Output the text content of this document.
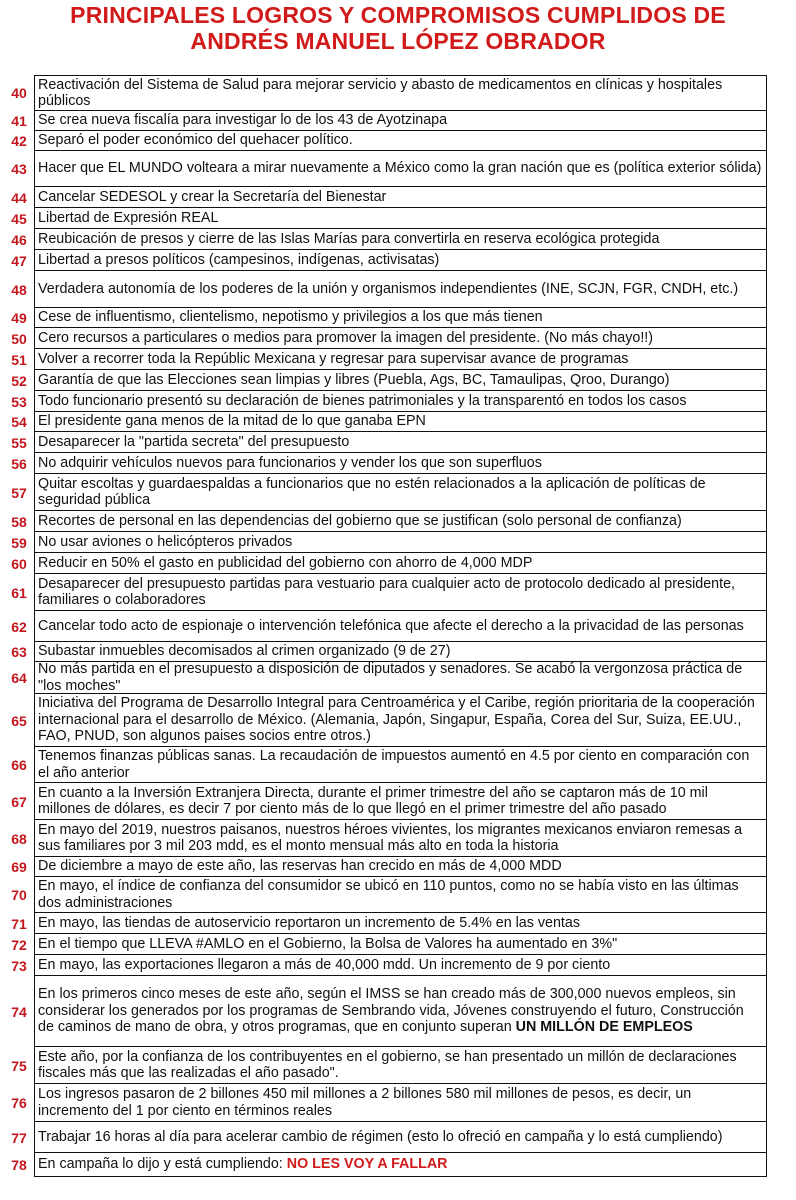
PRINCIPALES LOGROS Y COMPROMISOS CUMPLIDOS DE
ANDRÉS MANUEL LÓPEZ OBRADOR
40
Reactivación del Sistema de Salud para mejorar servicio y abasto de medicamentos en clínicas y hospitales públicos
41 Se crea nueva fiscalía para investigar lo de los 43 de Ayotzinapa
42 Separó el poder económico del quehacer político.
43 Hacer que EL MUNDO volteara a mirar nuevamente a México como la gran nación que es (política exterior sólida)
44 Cancelar SEDESOL y crear la Secretaría del Bienestar
45 Libertad de Expresión REAL
46 Reubicación de presos y cierre de las Islas Marías para convertirla en reserva ecológica protegida
47 Libertad a presos políticos (campesinos, indígenas, activisatas)
48 Verdadera autonomía de los poderes de la unión y organismos independientes (INE, SCJN, FGR, CNDH, etc.)
49 Cese de influentismo, clientelismo, nepotismo y privilegios a los que más tienen
50 Cero recursos a particulares o medios para promover la imagen del presidente. (No más chayo!!)
51 Volver a recorrer toda la Repúblic Mexicana y regresar para supervisar avance de programas
52 Garantía de que las Elecciones sean limpias y libres (Puebla, Ags, BC, Tamaulipas, Qroo, Durango)
53 Todo funcionario presentó su declaración de bienes patrimoniales y la transparentó en todos los casos
54 El presidente gana menos de la mitad de lo que ganaba EPN
55 Desaparecer la "partida secreta" del presupuesto
56 No adquirir vehículos nuevos para funcionarios y vender los que son superfluos
57
Quitar escoltas y guardaespaldas a funcionarios que no estén relacionados a la aplicación de políticas de seguridad pública
58 Recortes de personal en las dependencias del gobierno que se justifican (solo personal de confianza)
59 No usar aviones o helicópteros privados
60 Reducir en 50% el gasto en publicidad del gobierno con ahorro de 4,000 MDP
61
Desaparecer del presupuesto partidas para vestuario para cualquier acto de protocolo dedicado al presidente, familiares o colaboradores
62 Cancelar todo acto de espionaje o intervención telefónica que afecte el derecho a la privacidad de las personas
63 Subastar inmuebles decomisados al crimen organizado (9 de 27)
64
No más partida en el presupuesto a disposición de diputados y senadores. Se acabó la vergonzosa práctica de "los moches"
65
Iniciativa del Programa de Desarrollo Integral para Centroamérica y el Caribe, región prioritaria de la cooperación internacional para el desarrollo de México. (Alemania, Japón, Singapur, España, Corea del Sur, Suiza, EE.UU., FAO, PNUD, son algunos paises socios entre otros.)
66
Tenemos finanzas públicas sanas. La recaudación de impuestos aumentó en 4.5 por ciento en comparación con el año anterior
67
En cuanto a la Inversión Extranjera Directa, durante el primer trimestre del año se captaron más de 10 mil millones de dólares, es decir 7 por ciento más de lo que llegó en el primer trimestre del año pasado
68
En mayo del 2019, nuestros paisanos, nuestros héroes vivientes, los migrantes mexicanos enviaron remesas a sus familiares por 3 mil 203 mdd, es el monto mensual más alto en toda la historia
69 De diciembre a mayo de este año, las reservas han crecido en más de 4,000 MDD
70
En mayo, el índice de confianza del consumidor se ubicó en 110 puntos, como no se había visto en las últimas dos administraciones
71 En mayo, las tiendas de autoservicio reportaron un incremento de 5.4% en las ventas
72 En el tiempo que LLEVA #AMLO en el Gobierno, la Bolsa de Valores ha aumentado en 3%"
73 En mayo, las exportaciones llegaron a más de 40,000 mdd. Un incremento de 9 por ciento
74
En los primeros cinco meses de este año, según el IMSS se han creado más de 300,000 nuevos empleos, sin considerar los generados por los programas de Sembrando vida, Jóvenes construyendo el futuro, Construcción de caminos de mano de obra, y otros programas, que en conjunto superan UN MILLÓN DE EMPLEOS
75
Este año, por la confianza de los contribuyentes en el gobierno, se han presentado un millón de declaraciones fiscales más que las realizadas el año pasado".
76
Los ingresos pasaron de 2 billones 450 mil millones a 2 billones 580 mil millones de pesos, es decir, un incremento del 1 por ciento en términos reales
77 Trabajar 16 horas al día para acelerar cambio de régimen (esto lo ofreció en campaña y lo está cumpliendo)
78 En campaña lo dijo y está cumpliendo: NO LES VOY A FALLAR
